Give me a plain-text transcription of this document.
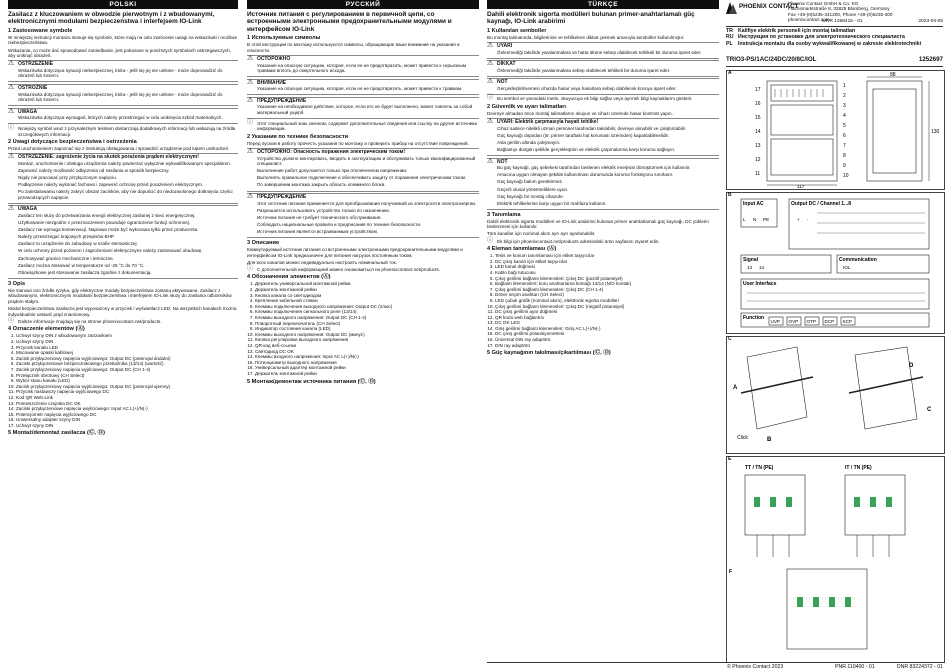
POLSKI
Zasilacz z kluczowaniem w obwodzie pierwotnym i z wbudowanymi, elektronicznymi modułami bezpieczeństwa i interfejsem IO-Link
1 Zastosowane symbole

W niniejszej instrukcji montażu stosuje się symbole, które mają na celu zwrócenie uwagi na wskazówki i możliwe niebezpieczeństwa.

Wskazania, co może dać spowodować zaniedbanie, jest pokazane w poniższych symbolach ostrzegawczych, aby uniknąć obrażeń.

⚠ OSTRZEŻENIE

Wskazówka dotycząca sytuacji niebezpiecznej, która - jeśli się jej nie uniknie - może doprowadzić do obrażeń lub śmierci.

⚠ OSTROŻNIE

Wskazówka dotycząca sytuacji niebezpiecznej, która - jeśli się jej nie uniknie - może doprowadzić do obrażeń lub śmierci.

⚠ UWAGA

Wskazówka dotycząca wymagań, których należy przestrzegać w celu uniknięcia szkód materialnych.

ⓘ Niniejszy symbol wraz z przynależnym tekstem dostarczają dodatkowych informacji lub wskazują na źródła szczegółowych informacji.
2 Uwagi dotyczące bezpieczeństwa i ostrzeżenia

Przed uruchomieniem zapoznać się z instrukcją obsługowania i sprawdzić urządzenie pod kątem uszkodzeń.

⚠ OSTRZEŻENIE: zagrożenie życia na skutek porażenia prądem elektrycznym!

Montaż, uruchomienie i obsługa urządzenia należy powierzać wyłącznie wykwalifikowanym specjalistom.

Zapewnić należy możliwość odłączenia od zasilania w sposób bezpieczny.

Nigdy nie pracować przy przyłączonym napięciu.

Podłączenie należy wykonać fachowo i zapewnić ochronę przed porażeniem elektrycznym.

Po zainstalowaniu należy zakryć obszar zacisków, aby nie dopuścić do niedozwolonego dotknięcia części przewodzących napięcie.

⚠ UWAGA

Zasilacz ten służy do przetwarzania energii elektrycznej zasilanej z sieci energetycznej.

Użytkowanie niezgodne z przeznaczeniem powoduje ograniczenie funkcji ochronnej.

Zasilacz nie wymaga konserwacji. Naprawa może być wykonana tylko przez producenta.

Należy przestrzegać krajowych przepisów BHP.

Zasilacz to urządzenie do zabudowy w szafie sterowniczej.

W celu ochrony przed pożarem i zagrożeniami elektrycznymi należy zastosować obudowę.

Zachowywać granice mechaniczne i termiczne.

Zasilacz można stosować w temperaturze od -25 °C do 70 °C.

Obowiązkowe jest stosowanie zasilacza zgodnie z dokumentacją.

3 Opis

Nie stanowi ono źródła ryzyka, gdy elektryczne moduły bezpieczeństwa zostaną aktywowane. Zasilacz z wbudowanymi, elektronicznymi modułami bezpieczeństwa i interfejsem IO-Link służy do zasilania odbiorników prądem stałym.

Moduł bezpieczeństwa zasilacza jest wyposażony w przycisk i wyświetlacz LED. Na wszystkich kanałach można indywidualnie ustawić prąd znamionowy.

ⓘ Dalsze informacje znajdują się na stronie phoenixcontact.net/products.
4 Oznaczenie elementów (Ⓐ)
1. Uchwyt szyny DIN z wbudowanym zatrzaskiem
2. Uchwyt szyny DIN
3. Przycisk kanału LED
4. Mocowanie opaski kablowej
5. Zacisk przyłączeniowy napięcia wyjściowego: Output DC (potencjał dodatni)
6. Zaciski przyłączeniowe bezpiecznikowego przekaźnika (13/14) (wartość)
7. Zacisk przyłączeniowy napięcia wyjściowego: Output DC (CH 1-4)
8. Przełącznik obrotowy (CH Select)
9. Wybór stanu kanału (LED)
10. Zacisk przyłączeniowy napięcia wyjściowego: Output DC (potencjał ujemny)
11. Przycisk nastawczy napięcia wyjściowego DC
12. Kod QR Web-Link
13. Pomieszczenie czujnika DC OK
14. Zaciski przyłączeniowe napięcia wejściowego: Input AC L(+)/N(-)
15. Potencjometr napięcia wyjściowego DC
16. Uniwersalny adapter szyny DIN
17. Uchwyt szyny DIN
5 Montaż/demontaż zasilacza (Ⓒ, Ⓓ)
РУССКИЙ
Источник питания с регулированием в первичной цепи, со встроенными электронными предохранительными модулями и интерфейсом IO-Link
1 Используемые символы

В этой инструкции по монтажу используются символы, обращающие ваше внимание на указания и опасности.

⚠ ОСТОРОЖНО

Указание на опасную ситуацию, которая, если ее не предотвратить, может привести к серьезным травмам вплоть до смертельного исхода.

⚠ ВНИМАНИЕ

Указание на опасную ситуацию, которая, если ее не предотвратить, может привести к травмам.

⚠ ПРЕДУПРЕЖДЕНИЕ

Указание на необходимое действие, которое, если его не будет выполнено, может повлечь за собой материальный ущерб.

ⓘ Этот специальный знак значком, содержит дополнительные сведения или ссылку на другие источники информации.
2 Указания по технике безопасности

Перед пуском в работу прочесть указания по монтажу и проверить прибор на отсутствие повреждений.

⚠ ОСТОРОЖНО: Опасность поражения электрическим током!

Устройство должно монтировать, вводить в эксплуатацию и обслуживать только квалифицированный специалист.

Выполнение работ допускается только при отключенном напряжении.

Выполнять правильное подключение и обеспечивать защиту от поражения электрическим током.

По завершении монтажа закрыть область клеммного блока.

⚠ ПРЕДУПРЕЖДЕНИЕ

Этот источник питания применяется для преобразования получаемой из электросети электроэнергии.

Разрешается использовать устройство только по назначению.

Источник питания не требует технического обслуживания.

Соблюдать национальные правила и предписания по технике безопасности.

Источник питания является встраиваемым устройством.

3 Описание

Коммутируемый источник питания со встроенными электронными предохранительными модулями и интерфейсом IO-Link предназначен для питания нагрузок постоянным током.

Для всех каналов можно индивидуально настроить номинальный ток.

ⓘ С дополнительной информацией можно ознакомиться на phoenixcontact.net/products.
4 Обозначения элементов (Ⓐ)
1. Держатель универсальной монтажной рейки
2. Держатель монтажной рейки
3. Кнопка канала со светодиодом
4. Крепление кабельной стяжки
5. Клеммы подключения выходного напряжения: Output DC (плюс)
6. Клеммы подключения сигнального реле (13/14)
7. Клеммы выходного напряжения: Output DC (CH 1-4)
8. Поворотный переключатель (CH Select)
9. Индикатор состояния канала (LED)
10. Клеммы выходного напряжения: Output DC (минус)
11. Кнопка регулировки выходного напряжения
12. QR-код веб-ссылки
13. Светодиод DC OK
14. Клеммы входного напряжения: Input AC L(+)/N(-)
15. Потенциометр выходного напряжения
16. Универсальный адаптер монтажной рейки
17. Держатель монтажной рейки
5 Монтаж/демонтаж источника питания (Ⓒ, Ⓓ)
TÜRKÇE
Dahili elektronik sigorta modülleri bulunan primer-anahtarlamalı güç kaynağı, IO-Link arabirimi
1 Kullanılan semboller

Bu montaj talimatında, bilgilerinize ve tehlikelere dikkat çekmek amacıyla semboller kullanılmıştır.

⚠ UYARI

Önlenmediği takdirde yaralanmalara ve hatta ölüme sebep olabilecek tehlikeli bir duruma işaret eder.

⚠ DİKKAT

Önlenmediği takdirde yaralanmalara sebep olabilecek tehlikeli bir duruma işaret eder.

⚠ NOT

Gerçekleştirilmemesi cihazda hasar veya hasarlara sebep olabilecek konuya işaret eder.

ⓘ Bu sembol ve yanındaki metin, okuyucuya ek bilgi sağlar veya ayrıntılı bilgi kaynaklarını gösterir.
2 Güvenlik ve uyarı talimatları

Devreye almadan önce montaj talimatlarını okuyun ve cihazı üzerinde hasar kontrolü yapın.

⚠ UYARI: Elektrik çarpmasıyla hayati tehlike!

Cihaz sadece nitelikli uzman personel tarafından takılabilir, devreye alınabilir ve çalıştırılabilir.

Güç kaynağı dışardan (ör. primer taraftaki hat koruması üzerinden) kapatılabilmelidir.

Asla gerilim altında çalışmayın.

Bağlantıyı düzgün şekilde gerçekleştirin ve elektrik çarpmalarına karşı koruma sağlayın.

⚠ NOT

Bu güç kaynağı, güç şebekesi tarafından beslenen elektrik enerjisini dönüştürmek için kullanılır.

Amacına uygun olmayan şekilde kullanılması durumunda koruma fonksiyonu sınırlanır.

Güç kaynağı bakım gerektirmez.

Geçerli ulusal yönetmeliklere uyun.

Güç kaynağı bir montaj cihazıdır.

Elektrik tehlikelerine karşı uygun bir mahfaza kullanın.

3 Tanımlama

Dahili elektronik sigorta modülleri ve IO-Link arabirimi bulunan primer anahtarlamalı güç kaynağı, DC yüklerin beslenmesi için kullanılır.

Tüm kanallar için nominal akım ayrı ayrı ayarlanabilir.

ⓘ Ek bilgi için phoenixcontact.net/products adresindeki ürün sayfasını ziyaret edin.
4 Eleman tanımlaması (Ⓐ)
1. Tesis ve konum tanımlaması için etiket taşıyıcılar
2. DC çıkış kanalı için etiket taşıyıcılar
3. LED kanal düğmesi
4. Kablo bağı tutucusu
5. Çıkış gerilimi bağlantı klemensleri: Çıkış DC (pozitif potansiyel)
6. Bağlantı klemensleri; koru anahtarlama kontağı 13/14 (N/O kontak)
7. Çıkış gerilimi bağlantı klemensleri: Çıkış DC (CH 1-4)
8. Döner seçim anahtarı (CH Select)
9. LED çubuk grafik (nominal akım), elektronik sigorta modülleri
10. Çıkış gerilimi bağlantı klemensleri: Çıkış DC (negatif potansiyel)
11. DC çıkış gerilimi ayar düğmesi
12. QR kodu web bağlantısı
13. DC OK LED
14. Giriş gerilimi bağlantı klemensleri: Giriş AC L(+)/N(-)
15. DC çıkış gerilimi potansiyometresi
16. Üniversal DIN ray adaptörü
17. DIN ray adaptörü
5 Güç kaynağının takılması/çıkartılması (Ⓒ, Ⓓ)
PHOENIX CONTACT
Phoenix Contact GmbH & Co. KG
Flachsmarktstraße 8, 32825 Blomberg, Germany
Fax +49-(0)5235-341200, Phone +49-(0)5235-300
phoenixcontact.com
MNR 1368415 - 01	2023-04-05
TR Kalifiye elektrik personeli için montaj talimatları
RU Инструкция по установке для электротехнического специалиста
PL	Instrukcja montażu dla osoby wykwalifikowanej w zakresie elektrotechniki
TRIO3-PS/1AC/24DC/20/8C/IOL	1252697
A	88
130
117
1
2
3
4
5
6
7
8
9
10
17
16
15
14
13
12
11
B
Input AC	Output DC / Channel 1...8
Signal	Communication
User Interface
Function
UVP OVP OTP DCP SCP
L N PE	+ -
13 14	IOL
C
A
Click	B
D
C
E
TT / TN (PE)	IT / TN (PE)
F
© Phoenix Contact 2023	PNR 110400 - 01	DNR 83224372 - 01
